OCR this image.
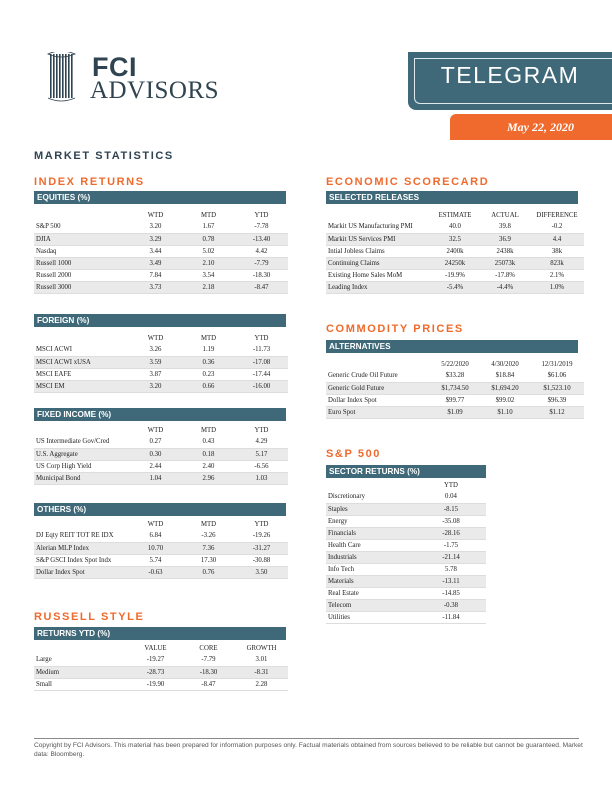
FCI
ADVISORS
TELEGRAM
May 22, 2020
MARKET STATISTICS
INDEX RETURNS
EQUITIES (%)
	WTD	MTD	YTD
S&P 500	3.20	1.67	-7.78
DJIA	3.29	0.78	-13.40
Nasdaq	3.44	5.02	4.42
Russell 1000	3.49	2.10	-7.79
Russell 2000	7.84	3.54	-18.30
Russell 3000	3.73	2.18	-8.47
FOREIGN (%)
	WTD	MTD	YTD
MSCI ACWI	3.26	1.19	-11.73
MSCI ACWI xUSA	3.59	0.36	-17.08
MSCI EAFE	3.87	0.23	-17.44
MSCI EM	3.20	0.66	-16.00
FIXED INCOME (%)
	WTD	MTD	YTD
US Intermediate Gov/Cred	0.27	0.43	4.29
U.S. Aggregate	0.30	0.18	5.17
US Corp High Yield	2.44	2.40	-6.56
Municipal Bond	1.04	2.96	1.03
OTHERS (%)
	WTD	MTD	YTD
DJ Eqty REIT TOT RE IDX	6.84	-3.26	-19.26
Alerian MLP Index	10.70	7.36	-31.27
S&P GSCI Index Spot Indx	5.74	17.30	-30.88
Dollar Index Spot	-0.63	0.76	3.50
RUSSELL STYLE
RETURNS YTD (%)
	VALUE	CORE	GROWTH
Large	-19.27	-7.79	3.01
Medium	-28.73	-18.30	-8.31
Small	-19.90	-8.47	2.28
ECONOMIC SCORECARD
SELECTED RELEASES
	ESTIMATE	ACTUAL	DIFFERENCE
Markit US Manufacturing PMI	40.0	39.8	-0.2
Markit US Services PMI	32.5	36.9	4.4
Intial Jobless Claims	2400k	2438k	38k
Continuing Claims	24250k	25073k	823k
Existing Home Sales MoM	-19.9%	-17.8%	2.1%
Leading Index	-5.4%	-4.4%	1.0%
COMMODITY PRICES
ALTERNATIVES
	5/22/2020	4/30/2020	12/31/2019
Generic Crude Oil Future	$33.28	$18.84	$61.06
Generic Gold Future	$1,734.50	$1,694.20	$1,523.10
Dollar Index Spot	$99.77	$99.02	$96.39
Euro Spot	$1.09	$1.10	$1.12
S&P 500
SECTOR RETURNS (%)
	YTD
Discretionary	0.04
Staples	-8.15
Energy	-35.08
Financials	-28.16
Health Care	-1.75
Industrials	-21.14
Info Tech	5.78
Materials	-13.11
Real Estate	-14.85
Telecom	-0.38
Utilities	-11.84
Copyright by FCI Advisors. This material has been prepared for information purposes only. Factual materials obtained from sources believed to be reliable but cannot be guaranteed. Market data: Bloomberg.
